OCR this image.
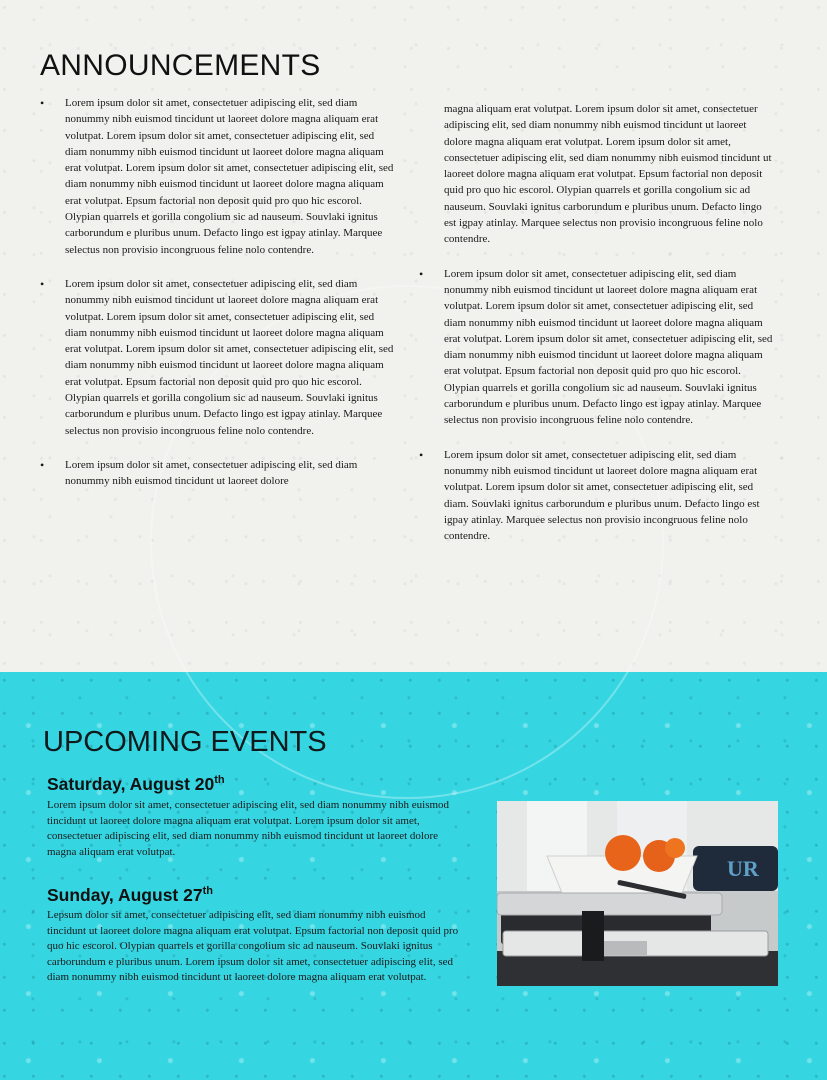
ANNOUNCEMENTS
• Lorem ipsum dolor sit amet, consectetuer adipiscing elit, sed diam nonummy nibh euismod tincidunt ut laoreet dolore magna aliquam erat volutpat. Lorem ipsum dolor sit amet, consectetuer adipiscing elit, sed diam nonummy nibh euismod tincidunt ut laoreet dolore magna aliquam erat volutpat. Lorem ipsum dolor sit amet, consectetuer adipiscing elit, sed diam nonummy nibh euismod tincidunt ut laoreet dolore magna aliquam erat volutpat. Epsum factorial non deposit quid pro quo hic escorol. Olypian quarrels et gorilla congolium sic ad nauseum. Souvlaki ignitus carborundum e pluribus unum. Defacto lingo est igpay atinlay. Marquee selectus non provisio incongruous feline nolo contendre.
• Lorem ipsum dolor sit amet, consectetuer adipiscing elit, sed diam nonummy nibh euismod tincidunt ut laoreet dolore magna aliquam erat volutpat. Lorem ipsum dolor sit amet, consectetuer adipiscing elit, sed diam nonummy nibh euismod tincidunt ut laoreet dolore magna aliquam erat volutpat. Lorem ipsum dolor sit amet, consectetuer adipiscing elit, sed diam nonummy nibh euismod tincidunt ut laoreet dolore magna aliquam erat volutpat. Epsum factorial non deposit quid pro quo hic escorol. Olypian quarrels et gorilla congolium sic ad nauseum. Souvlaki ignitus carborundum e pluribus unum. Defacto lingo est igpay atinlay. Marquee selectus non provisio incongruous feline nolo contendre.
• Lorem ipsum dolor sit amet, consectetuer adipiscing elit, sed diam nonummy nibh euismod tincidunt ut laoreet dolore

magna aliquam erat volutpat. Lorem ipsum dolor sit amet, consectetuer adipiscing elit, sed diam nonummy nibh euismod tincidunt ut laoreet dolore magna aliquam erat volutpat. Lorem ipsum dolor sit amet, consectetuer adipiscing elit, sed diam nonummy nibh euismod tincidunt ut laoreet dolore magna aliquam erat volutpat. Epsum factorial non deposit quid pro quo hic escorol. Olypian quarrels et gorilla congolium sic ad nauseum. Souvlaki ignitus carborundum e pluribus unum. Defacto lingo est igpay atinlay. Marquee selectus non provisio incongruous feline nolo contendre.

• Lorem ipsum dolor sit amet, consectetuer adipiscing elit, sed diam nonummy nibh euismod tincidunt ut laoreet dolore magna aliquam erat volutpat. Lorem ipsum dolor sit amet, consectetuer adipiscing elit, sed diam nonummy nibh euismod tincidunt ut laoreet dolore magna aliquam erat volutpat. Lorem ipsum dolor sit amet, consectetuer adipiscing elit, sed diam nonummy nibh euismod tincidunt ut laoreet dolore magna aliquam erat volutpat. Epsum factorial non deposit quid pro quo hic escorol. Olypian quarrels et gorilla congolium sic ad nauseum. Souvlaki ignitus carborundum e pluribus unum. Defacto lingo est igpay atinlay. Marquee selectus non provisio incongruous feline nolo contendre.
• Lorem ipsum dolor sit amet, consectetuer adipiscing elit, sed diam nonummy nibh euismod tincidunt ut laoreet dolore magna aliquam erat volutpat. Lorem ipsum dolor sit amet, consectetuer adipiscing elit, sed diam. Souvlaki ignitus carborundum e pluribus unum. Defacto lingo est igpay atinlay. Marquee selectus non provisio incongruous feline nolo contendre.
UPCOMING EVENTS
Saturday, August 20th

Lorem ipsum dolor sit amet, consectetuer adipiscing elit, sed diam nonummy nibh euismod tincidunt ut laoreet dolore magna aliquam erat volutpat. Lorem ipsum dolor sit amet, consectetuer adipiscing elit, sed diam nonummy nibh euismod tincidunt ut laoreet dolore magna aliquam erat volutpat.

Sunday, August 27th

Lepsum dolor sit amet, consectetuer adipiscing elit, sed diam nonummy nibh euismod tincidunt ut laoreet dolore magna aliquam erat volutpat. Epsum factorial non deposit quid pro quo hic escorol. Olypian quarrels et gorilla congolium sic ad nauseum. Souvlaki ignitus carborundum e pluribus unum. Lorem ipsum dolor sit amet, consectetuer adipiscing elit, sed diam nonummy nibh euismod tincidunt ut laoreet dolore magna aliquam erat volutpat.

UR
